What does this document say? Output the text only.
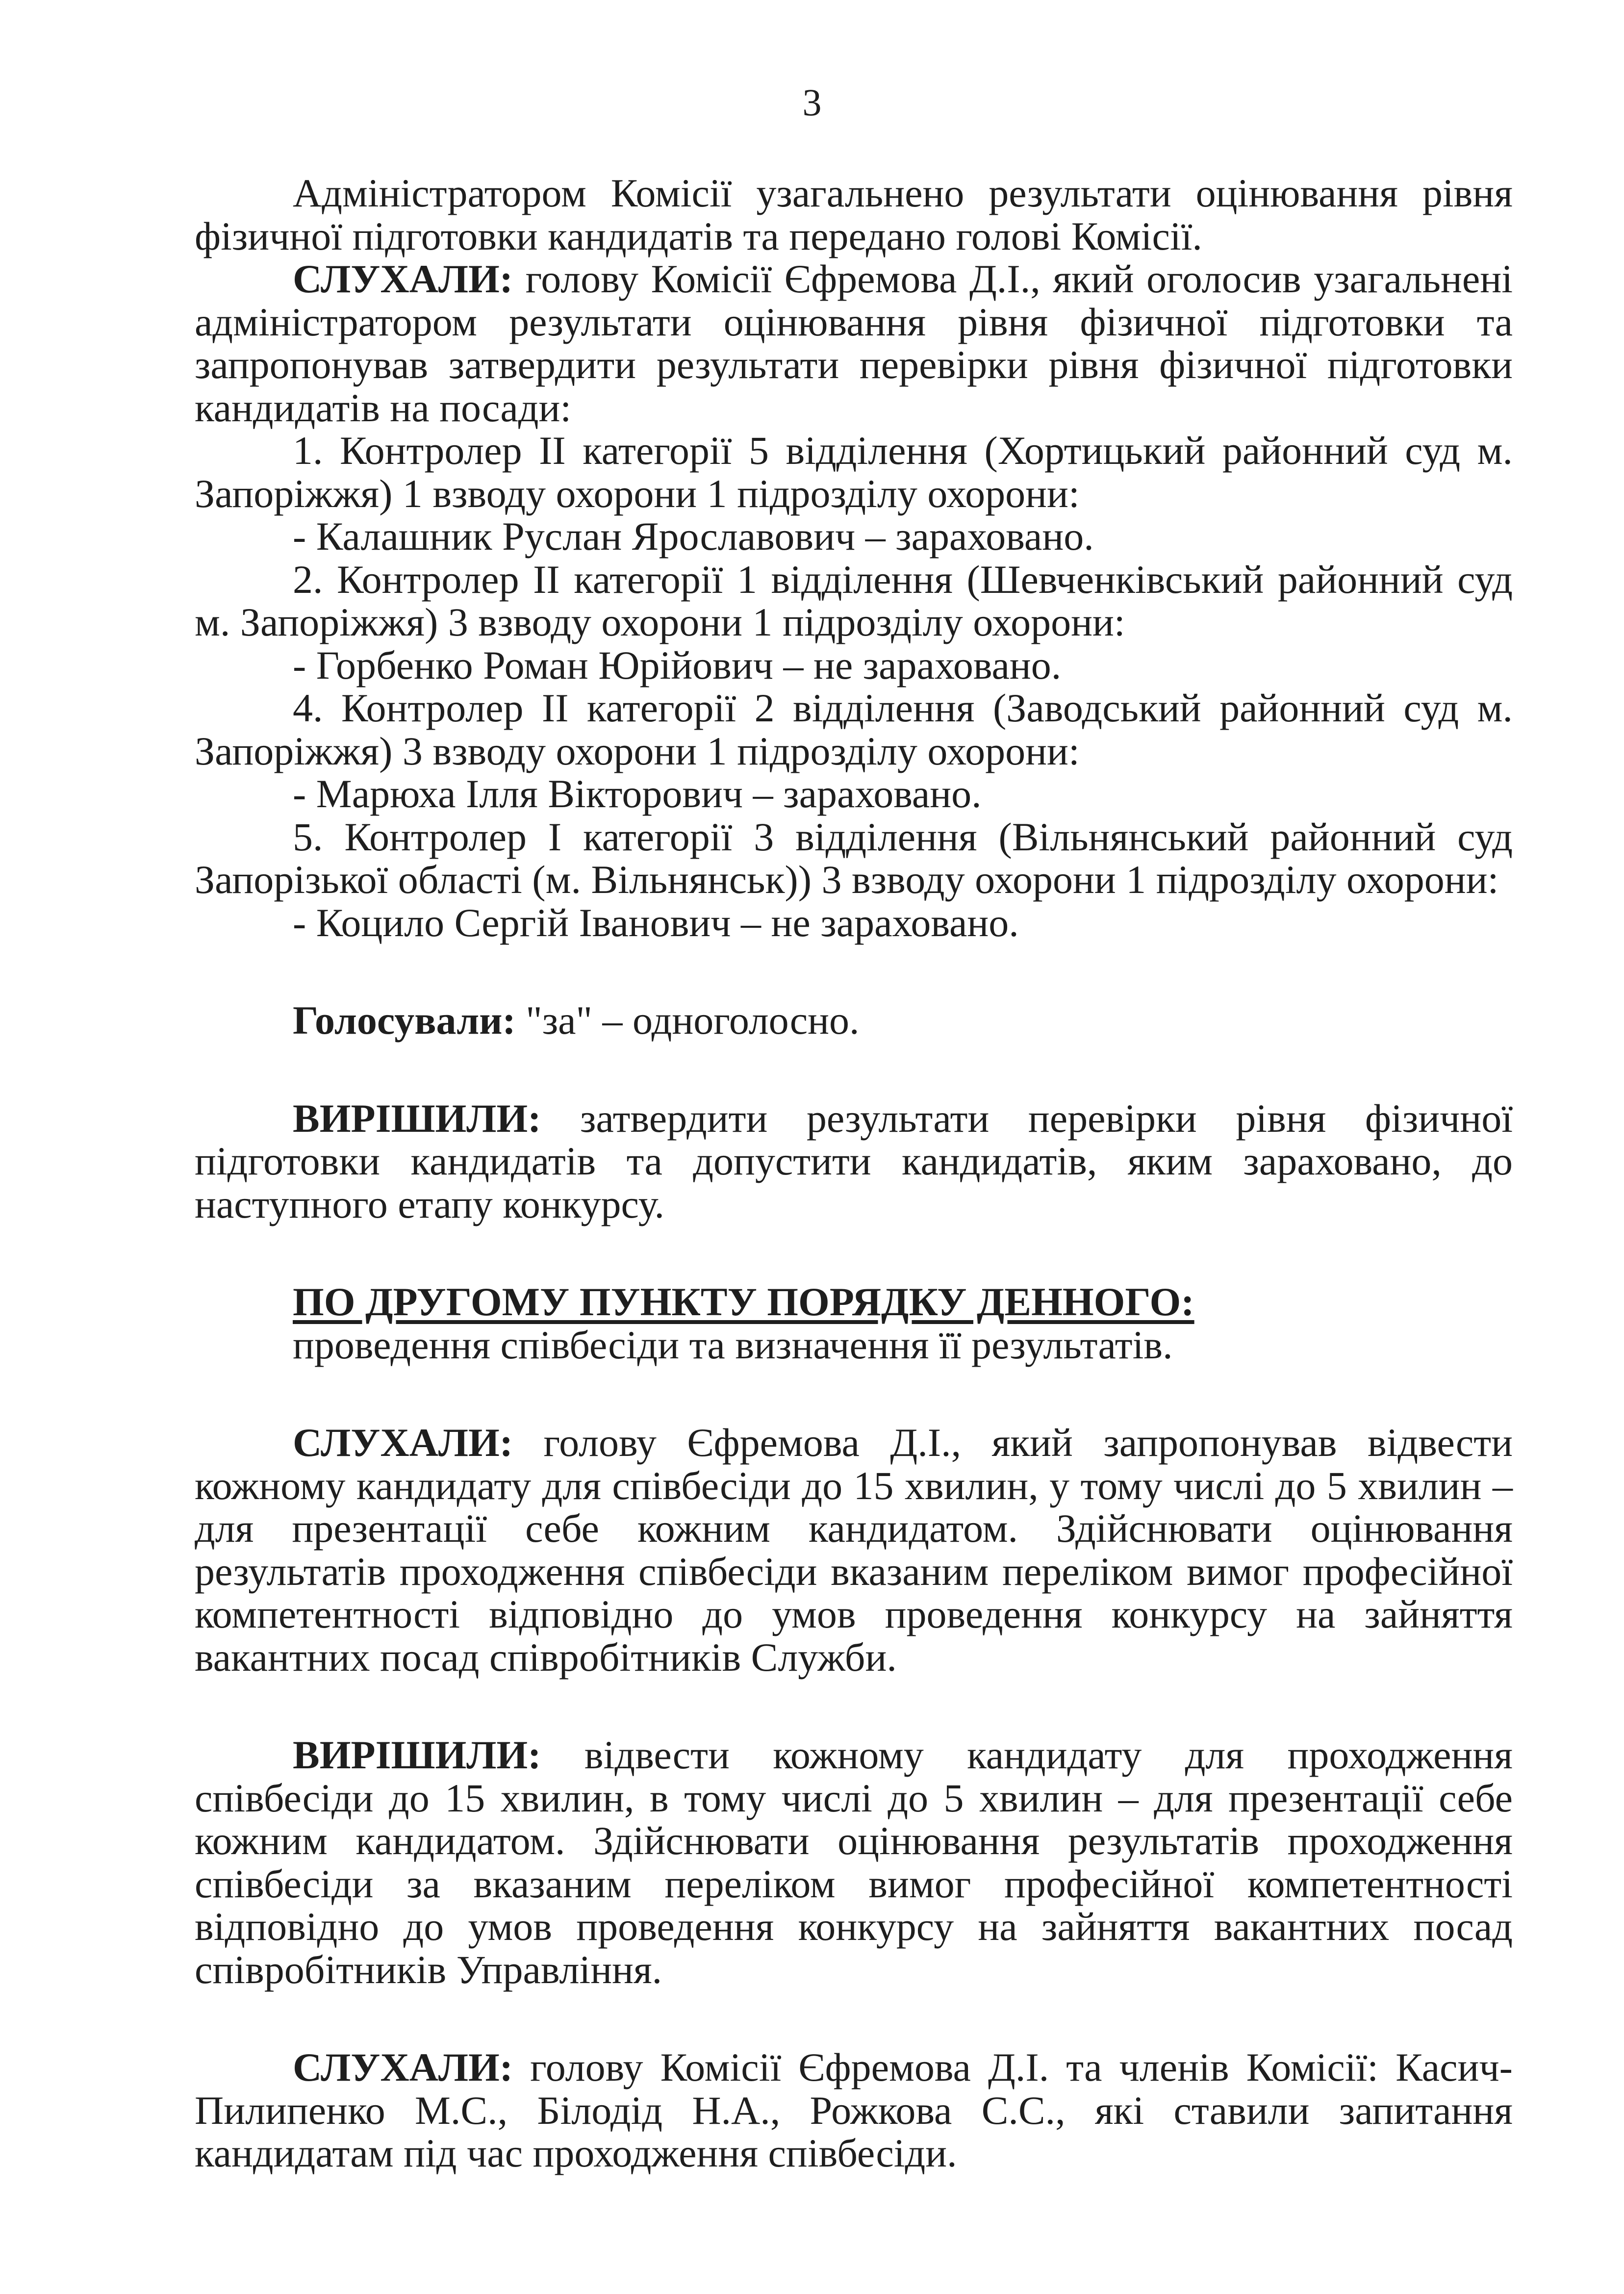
3

Адміністратором Комісії узагальнено результати оцінювання рівня фізичної підготовки кандидатів та передано голові Комісії.

СЛУХАЛИ: голову Комісії Єфремова Д.І., який оголосив узагальнені адміністратором результати оцінювання рівня фізичної підготовки та запропонував затвердити результати перевірки рівня фізичної підготовки кандидатів на посади:

1. Контролер ІІ категорії 5 відділення (Хортицький районний суд м. Запоріжжя) 1 взводу охорони 1 підрозділу охорони:

- Калашник Руслан Ярославович – зараховано.

2. Контролер ІІ категорії 1 відділення (Шевченківський районний суд м. Запоріжжя) 3 взводу охорони 1 підрозділу охорони:

- Горбенко Роман Юрійович – не зараховано.

4. Контролер ІІ категорії 2 відділення (Заводський районний суд м. Запоріжжя) 3 взводу охорони 1 підрозділу охорони:

- Марюха Ілля Вікторович – зараховано.

5. Контролер І категорії 3 відділення (Вільнянський районний суд Запорізької області (м. Вільнянськ)) 3 взводу охорони 1 підрозділу охорони:

- Коцило Сергій Іванович – не зараховано.

Голосували: "за" – одноголосно.

ВИРІШИЛИ: затвердити результати перевірки рівня фізичної підготовки кандидатів та допустити кандидатів, яким зараховано, до наступного етапу конкурсу.

ПО ДРУГОМУ ПУНКТУ ПОРЯДКУ ДЕННОГО:

проведення співбесіди та визначення її результатів.

СЛУХАЛИ: голову Єфремова Д.І., який запропонував відвести кожному кандидату для співбесіди до 15 хвилин, у тому числі до 5 хвилин – для презентації себе кожним кандидатом. Здійснювати оцінювання результатів проходження співбесіди вказаним переліком вимог професійної компетентності відповідно до умов проведення конкурсу на зайняття вакантних посад співробітників Служби.

ВИРІШИЛИ: відвести кожному кандидату для проходження співбесіди до 15 хвилин, в тому числі до 5 хвилин – для презентації себе кожним кандидатом. Здійснювати оцінювання результатів проходження співбесіди за вказаним переліком вимог професійної компетентності відповідно до умов проведення конкурсу на зайняття вакантних посад співробітників Управління.

СЛУХАЛИ: голову Комісії Єфремова Д.І. та членів Комісії: Касич-Пилипенко М.С., Білодід Н.А., Рожкова С.С., які ставили запитання кандидатам під час проходження співбесіди.
